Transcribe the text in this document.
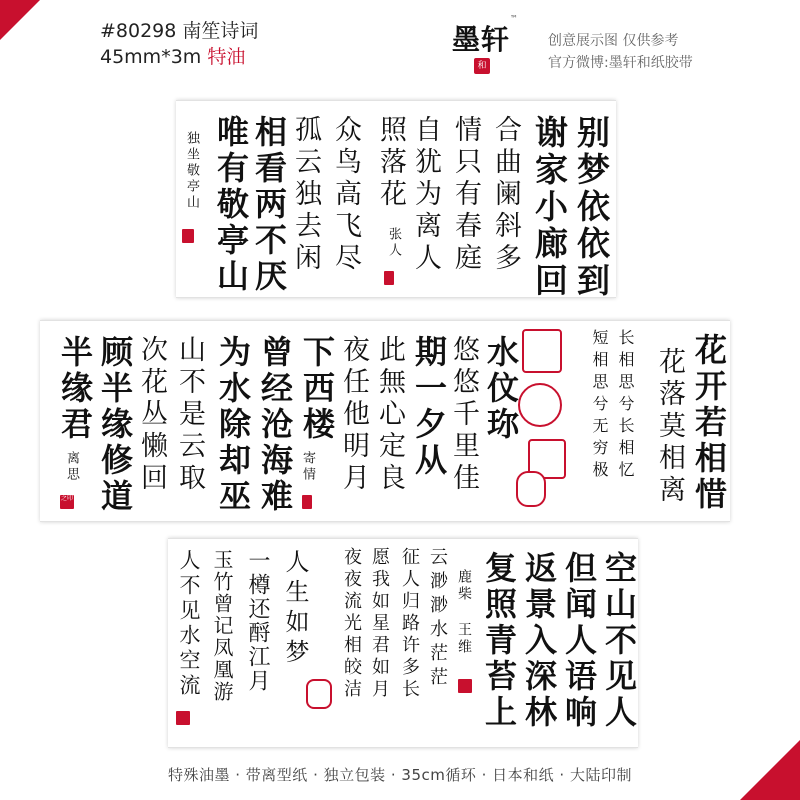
#80298 南笙诗词
45mm*3m 特油
墨轩
™
和
创意展示图 仅供参考
官方微博:墨轩和纸胶带
别梦依依到
谢家小廊回
合曲阑斜多
情只有春庭
自犹为离人
照落花
张人
众鸟高飞尽
孤云独去闲
相看两不厌
唯有敬亭山
独坐敬亭山
花开若相惜
花落莫相离
长相思兮长相忆
短相思兮无穷极
水伩珎
悠悠千里佳
期一夕从
此無心定良
夜任他明月
下西楼
寄情
曾经沧海难
为水除却巫
山不是云取
次花丛懒回
顾半缘修道
半缘君
离思
之印
空山不见人
但闻人语响
返景入深林
复照青苔上
鹿柴 王维
云渺渺水茫茫
征人归路许多长
愿我如星君如月
夜夜流光相皎洁
人生如梦
一樽还酹江月
玉竹曾记凤凰游
人不见水空流
特殊油墨 · 带离型纸 · 独立包装 · 35cm循环 · 日本和纸 · 大陆印制
